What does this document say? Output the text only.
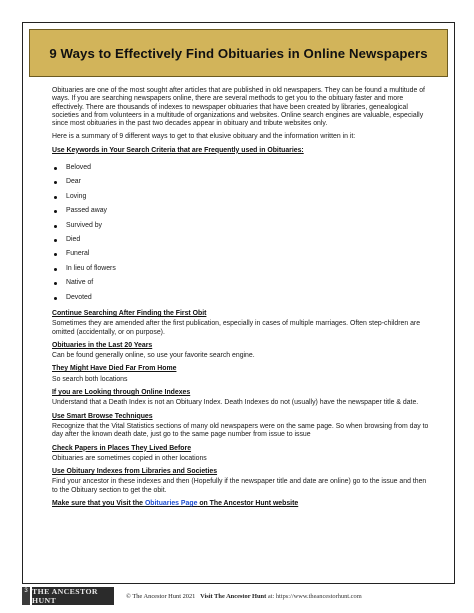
9 Ways to Effectively Find Obituaries in Online Newspapers

Obituaries are one of the most sought after articles that are published in old newspapers. They can be found a multitude of ways. If you are searching newspapers online, there are several methods to get you to the obituary faster and more effectively. There are thousands of indexes to newspaper obituaries that have been created by libraries, genealogical societies and from volunteers in a multitude of organizations and websites. Online search engines are valuable, especially since most obituaries in the past two decades appear in obituary and tribute websites only.

Here is a summary of 9 different ways to get to that elusive obituary and the information written in it:

Use Keywords in Your Search Criteria that are Frequently used in Obituaries:
Beloved
Dear
Loving
Passed away
Survived by
Died
Funeral
In lieu of flowers
Native of
Devoted
Continue Searching After Finding the First Obit

Sometimes they are amended after the first publication, especially in cases of multiple marriages. Often step-children are omitted (accidentally, or on purpose).

Obituaries in the Last 20 Years

Can be found generally online, so use your favorite search engine.

They Might Have Died Far From Home

So search both locations

If you are Looking through Online Indexes

Understand that a Death Index is not an Obituary Index. Death Indexes do not (usually) have the newspaper title & date.

Use Smart Browse Techniques

Recognize that the Vital Statistics sections of many old newspapers were on the same page. So when browsing from day to day after the known death date, just go to the same page number from issue to issue

Check Papers in Places They Lived Before

Obituaries are sometimes copied in other locations

Use Obituary Indexes from Libraries and Societies

Find your ancestor in these indexes and then (Hopefully if the newspaper title and date are online) go to the issue and then to the Obituary section to get the obit.

Make sure that you Visit the Obituaries Page on The Ancestor Hunt website
3 THE ANCESTOR HUNT	© The Ancestor Hunt 2021 Visit The Ancestor Hunt at: https://www.theancestorhunt.com
